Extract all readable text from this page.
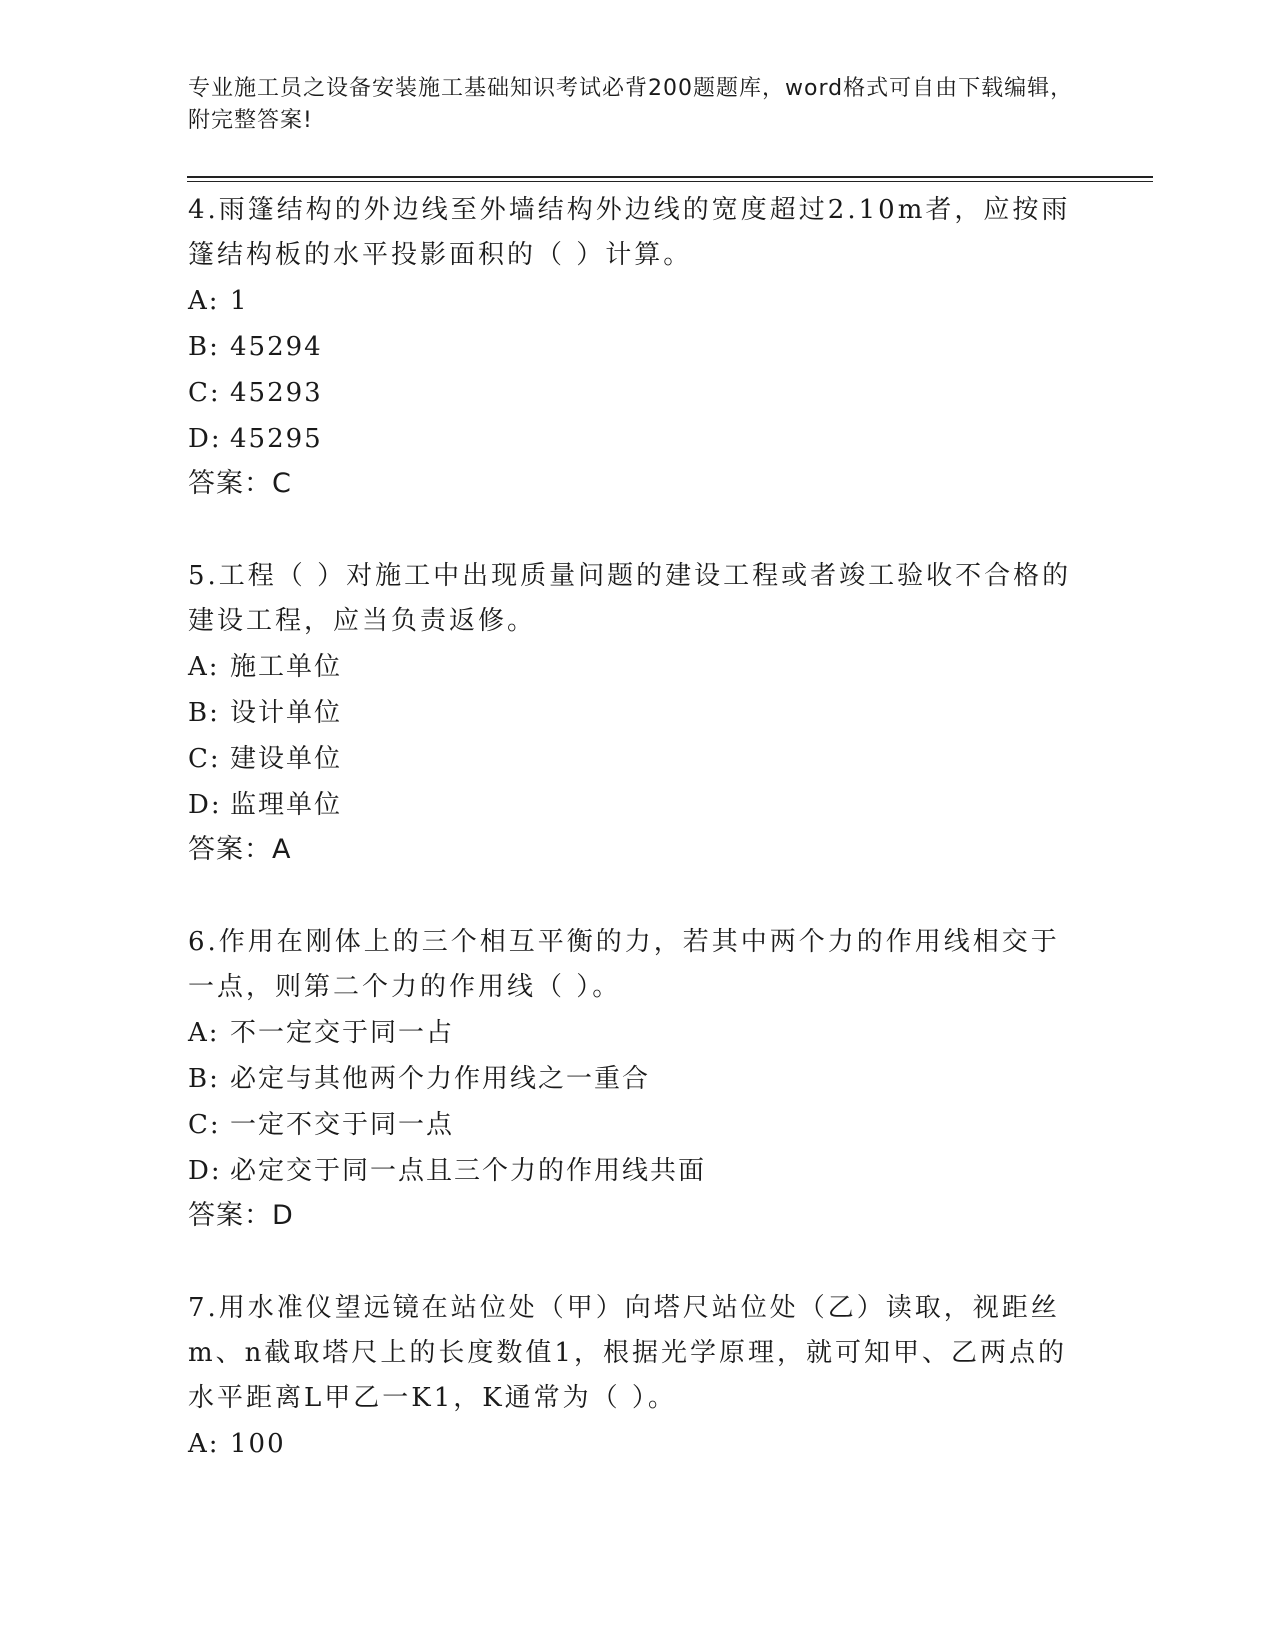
专业施工员之设备安装施工基础知识考试必背200题题库，word格式可自由下载编辑，附完整答案!

4.雨篷结构的外边线至外墙结构外边线的宽度超过2.10m者，应按雨篷结构板的水平投影面积的（ ）计算。

A: 1

B: 45294

C: 45293

D: 45295

答案：C

5.工程（ ）对施工中出现质量问题的建设工程或者竣工验收不合格的建设工程，应当负责返修。

A: 施工单位

B: 设计单位

C: 建设单位

D: 监理单位

答案：A

6.作用在刚体上的三个相互平衡的力，若其中两个力的作用线相交于一点，则第二个力的作用线（ ）。

A: 不一定交于同一占

B: 必定与其他两个力作用线之一重合

C: 一定不交于同一点

D: 必定交于同一点且三个力的作用线共面

答案：D

7.用水准仪望远镜在站位处（甲）向塔尺站位处（乙）读取，视距丝m、n截取塔尺上的长度数值1，根据光学原理，就可知甲、乙两点的水平距离L甲乙一K1，K通常为（ ）。

A: 100
